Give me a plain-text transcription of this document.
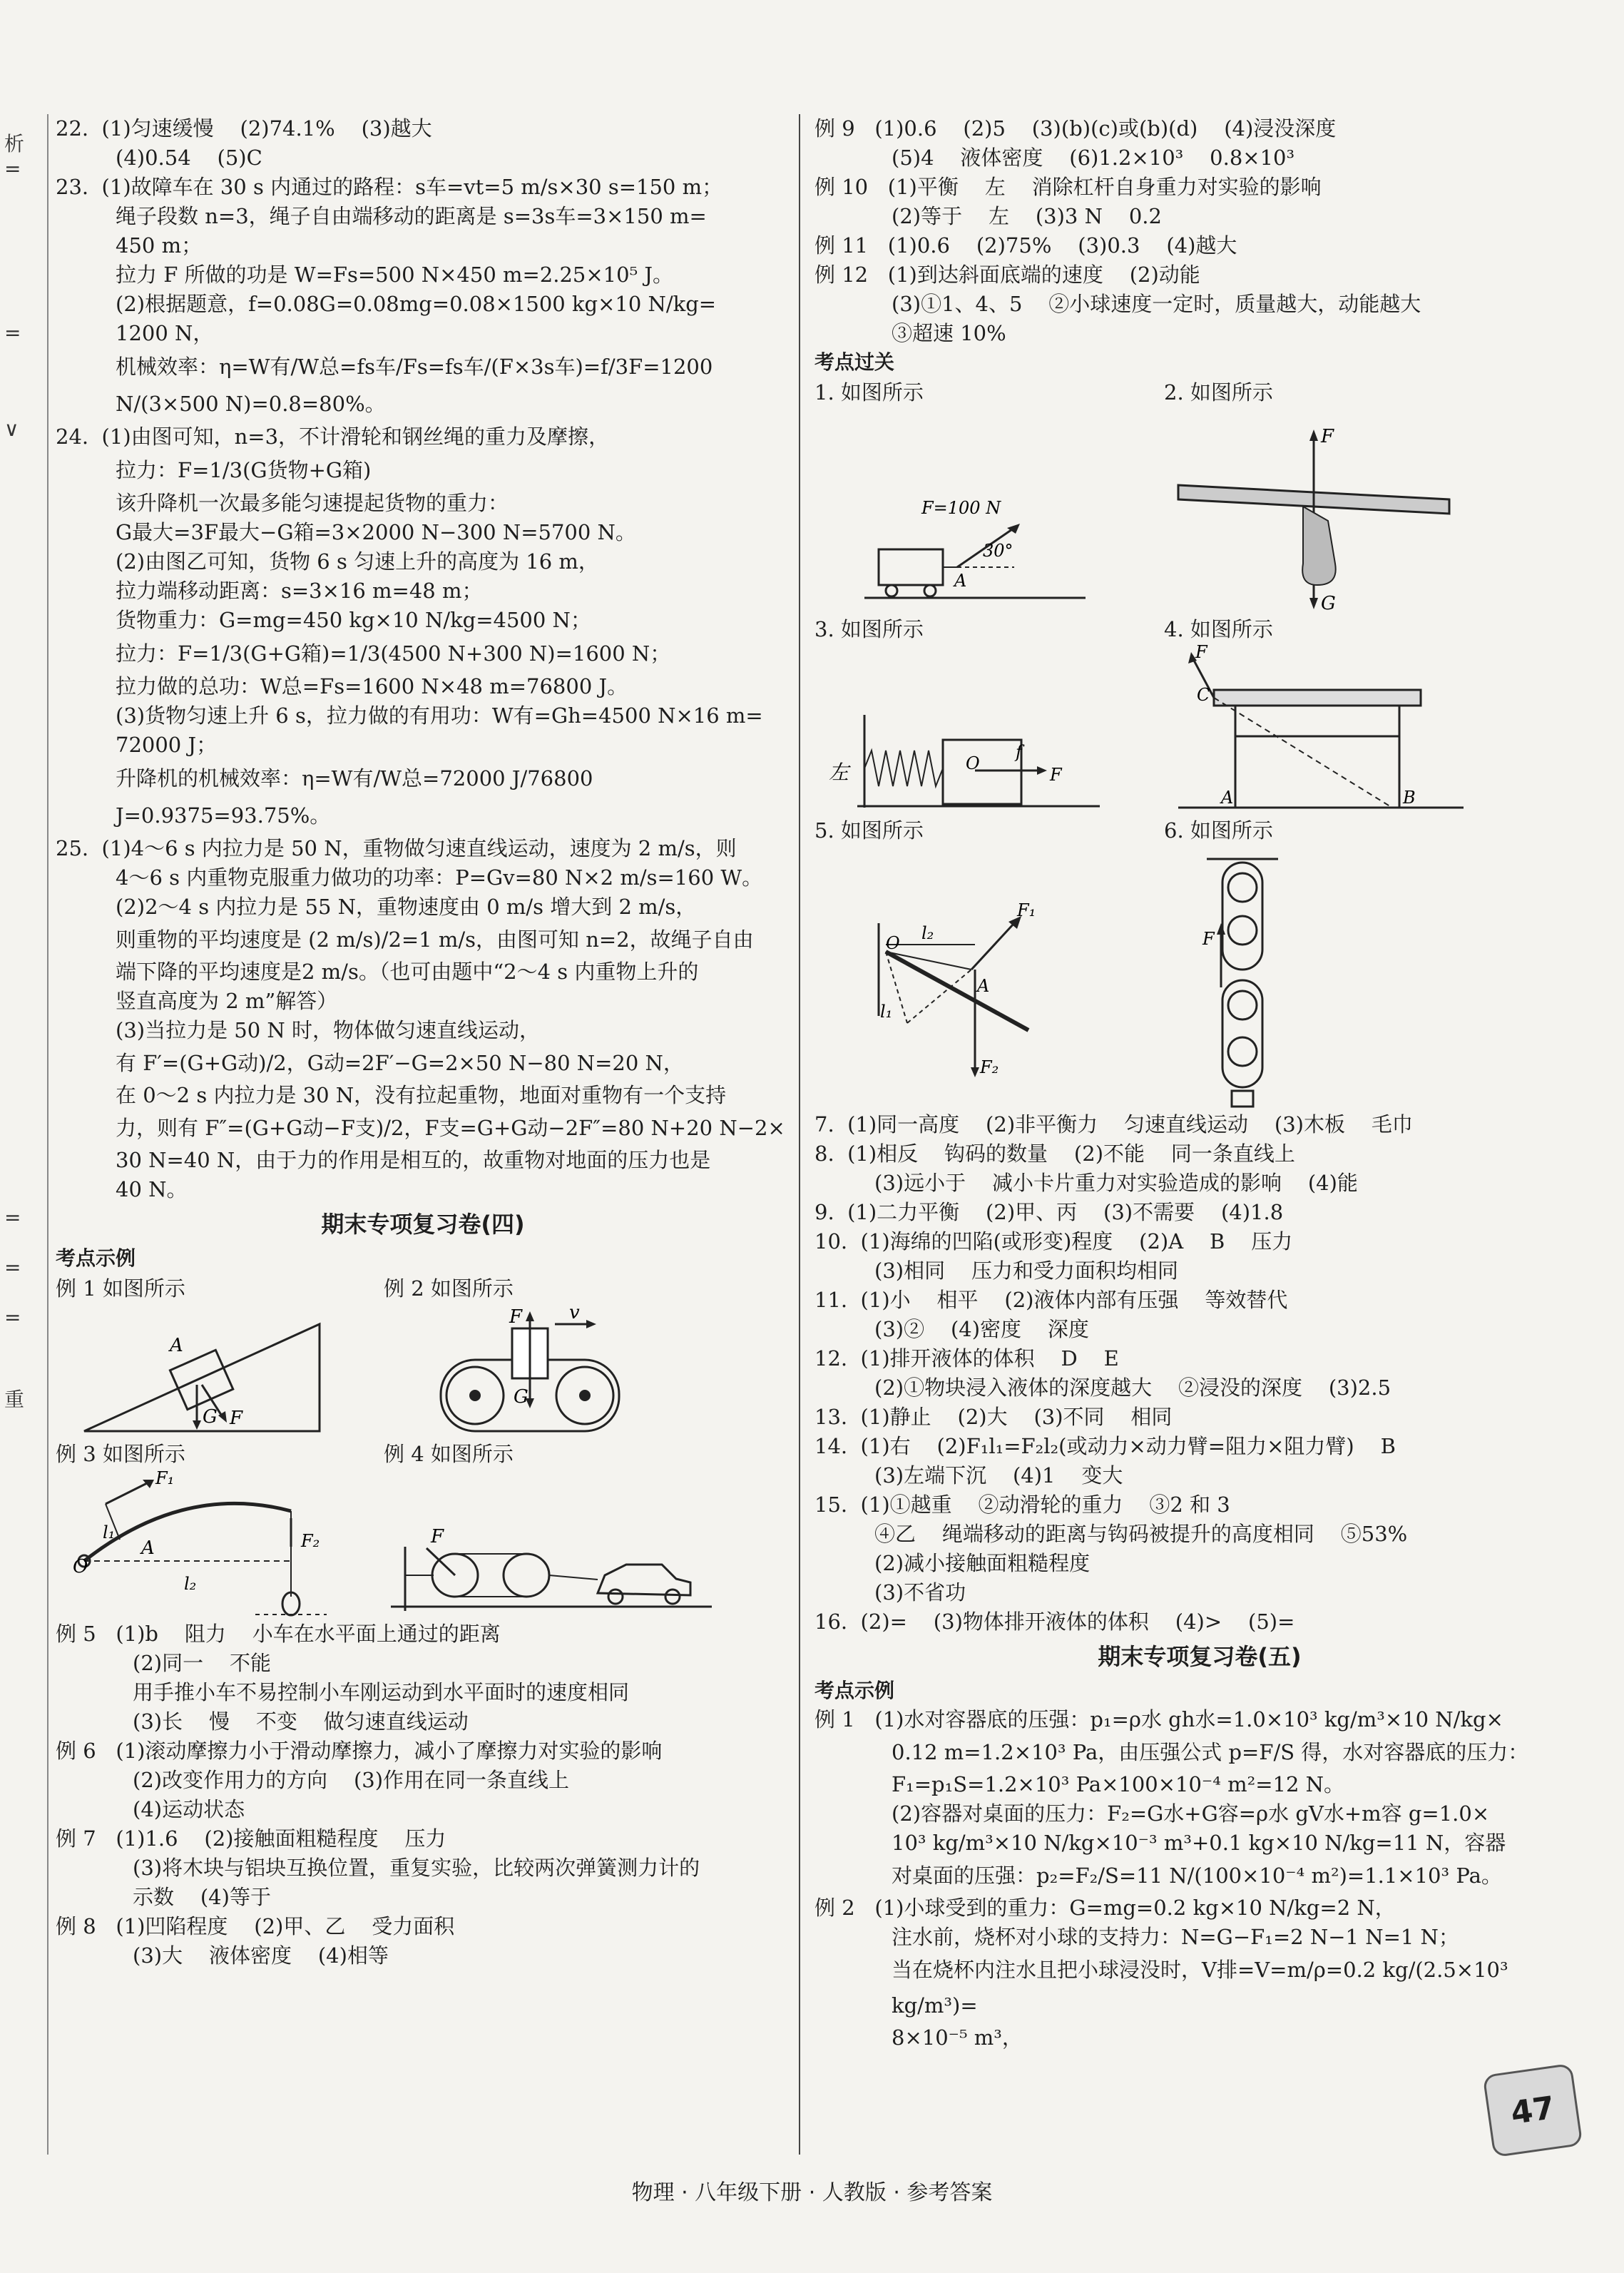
析
=
=
∨
重
=
=
=

22.  (1)匀速缓慢    (2)74.1%    (3)越大

(4)0.54    (5)C

23.  (1)故障车在 30 s 内通过的路程：s车=vt=5 m/s×30 s=150 m；

绳子段数 n=3，绳子自由端移动的距离是 s=3s车=3×150 m=

450 m；

拉力 F 所做的功是 W=Fs=500 N×450 m=2.25×10⁵ J。

(2)根据题意，f=0.08G=0.08mg=0.08×1500 kg×10 N/kg=

1200 N，

机械效率：η=W有/W总=fs车/Fs=fs车/(F×3s车)=f/3F=1200 N/(3×500 N)=0.8=80%。

24.  (1)由图可知，n=3，不计滑轮和钢丝绳的重力及摩擦，

拉力：F=1/3(G货物+G箱)

该升降机一次最多能匀速提起货物的重力：

G最大=3F最大−G箱=3×2000 N−300 N=5700 N。

(2)由图乙可知，货物 6 s 匀速上升的高度为 16 m，

拉力端移动距离：s=3×16 m=48 m；

货物重力：G=mg=450 kg×10 N/kg=4500 N；

拉力：F=1/3(G+G箱)=1/3(4500 N+300 N)=1600 N；

拉力做的总功：W总=Fs=1600 N×48 m=76800 J。

(3)货物匀速上升 6 s，拉力做的有用功：W有=Gh=4500 N×16 m=

72000 J；

升降机的机械效率：η=W有/W总=72000 J/76800 J=0.9375=93.75%。

25.  (1)4～6 s 内拉力是 50 N，重物做匀速直线运动，速度为 2 m/s，则

4～6 s 内重物克服重力做功的功率：P=Gv=80 N×2 m/s=160 W。

(2)2～4 s 内拉力是 55 N，重物速度由 0 m/s 增大到 2 m/s，

则重物的平均速度是 (2 m/s)/2=1 m/s，由图可知 n=2，故绳子自由

端下降的平均速度是2 m/s。（也可由题中“2～4 s 内重物上升的

竖直高度为 2 m”解答）

(3)当拉力是 50 N 时，物体做匀速直线运动，

有 F′=(G+G动)/2，G动=2F′−G=2×50 N−80 N=20 N，

在 0～2 s 内拉力是 30 N，没有拉起重物，地面对重物有一个支持

力，则有 F″=(G+G动−F支)/2，F支=G+G动−2F″=80 N+20 N−2×

30 N=40 N，由于力的作用是相互的，故重物对地面的压力也是

40 N。

期末专项复习卷(四)
考点示例
例 1 如图所示
A
G F
例 2 如图所示
F	v
G
例 3 如图所示
O
A
l₁
F₁
l₂
F₂
例 4 如图所示
F

例 5   (1)b    阻力    小车在水平面上通过的距离

(2)同一    不能

用手推小车不易控制小车刚运动到水平面时的速度相同

(3)长    慢    不变    做匀速直线运动

例 6   (1)滚动摩擦力小于滑动摩擦力，减小了摩擦力对实验的影响

(2)改变作用力的方向    (3)作用在同一条直线上

(4)运动状态

例 7   (1)1.6    (2)接触面粗糙程度    压力

(3)将木块与铝块互换位置，重复实验，比较两次弹簧测力计的

示数    (4)等于

例 8   (1)凹陷程度    (2)甲、乙    受力面积

(3)大    液体密度    (4)相等

例 9   (1)0.6    (2)5    (3)(b)(c)或(b)(d)    (4)浸没深度

(5)4    液体密度    (6)1.2×10³    0.8×10³

例 10   (1)平衡    左    消除杠杆自身重力对实验的影响

(2)等于    左    (3)3 N    0.2

例 11   (1)0.6    (2)75%    (3)0.3    (4)越大

例 12   (1)到达斜面底端的速度    (2)动能

(3)①1、4、5    ②小球速度一定时，质量越大，动能越大

③超速 10%

考点过关
1. 如图所示
F=100 N
30°
A
2. 如图所示
F
G
3. 如图所示
左	O
f
F
4. 如图所示
F
C
A	B
5. 如图所示
l₂
F₁
O
A
l₁
F₂
6. 如图所示
F

7.  (1)同一高度    (2)非平衡力    匀速直线运动    (3)木板    毛巾

8.  (1)相反    钩码的数量    (2)不能    同一条直线上

(3)远小于    减小卡片重力对实验造成的影响    (4)能

9.  (1)二力平衡    (2)甲、丙    (3)不需要    (4)1.8

10.  (1)海绵的凹陷(或形变)程度    (2)A    B    压力

(3)相同    压力和受力面积均相同

11.  (1)小    相平    (2)液体内部有压强    等效替代

(3)②    (4)密度    深度

12.  (1)排开液体的体积    D    E

(2)①物块浸入液体的深度越大    ②浸没的深度    (3)2.5

13.  (1)静止    (2)大    (3)不同    相同

14.  (1)右    (2)F₁l₁=F₂l₂(或动力×动力臂=阻力×阻力臂)    B

(3)左端下沉    (4)1    变大

15.  (1)①越重    ②动滑轮的重力    ③2 和 3

④乙    绳端移动的距离与钩码被提升的高度相同    ⑤53%

(2)减小接触面粗糙程度

(3)不省功

16.  (2)=    (3)物体排开液体的体积    (4)>    (5)=

期末专项复习卷(五)
考点示例

例 1   (1)水对容器底的压强：p₁=ρ水 gh水=1.0×10³ kg/m³×10 N/kg×

0.12 m=1.2×10³ Pa，由压强公式 p=F/S 得，水对容器底的压力：

F₁=p₁S=1.2×10³ Pa×100×10⁻⁴ m²=12 N。

(2)容器对桌面的压力：F₂=G水+G容=ρ水 gV水+m容 g=1.0×

10³ kg/m³×10 N/kg×10⁻³ m³+0.1 kg×10 N/kg=11 N，容器

对桌面的压强：p₂=F₂/S=11 N/(100×10⁻⁴ m²)=1.1×10³ Pa。

例 2   (1)小球受到的重力：G=mg=0.2 kg×10 N/kg=2 N，

注水前，烧杯对小球的支持力：N=G−F₁=2 N−1 N=1 N；

当在烧杯内注水且把小球浸没时，V排=V=m/ρ=0.2 kg/(2.5×10³ kg/m³)=

8×10⁻⁵ m³，

物理 · 八年级下册 · 人教版 · 参考答案
47
